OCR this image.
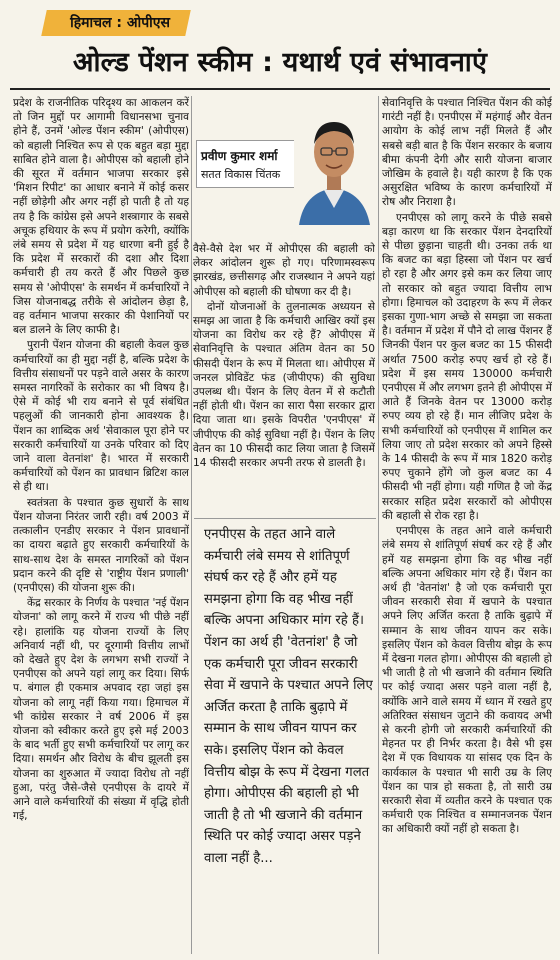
हिमाचल : ओपीएस
ओल्ड पेंशन स्कीम : यथार्थ एवं संभावनाएं

प्रदेश के राजनीतिक परिदृश्य का आकलन करें तो जिन मुद्दों पर आगामी विधानसभा चुनाव होने हैं, उनमें 'ओल्ड पेंशन स्कीम' (ओपीएस) को बहाली निश्चित रूप से एक बहुत बड़ा मुद्दा साबित होने वाला है। ओपीएस को बहाली होने की सूरत में वर्तमान भाजपा सरकार इसे 'मिशन रिपीट' का आधार बनाने में कोई कसर नहीं छोड़ेगी और अगर नहीं हो पाती है तो यह तय है कि कांग्रेस इसे अपने शस्त्रागार के सबसे अचूक हथियार के रूप में प्रयोग करेगी, क्योंकि लंबे समय से प्रदेश में यह धारणा बनी हुई है कि प्रदेश में सरकारों की दशा और दिशा कर्मचारी ही तय करते हैं और पिछले कुछ समय से 'ओपीएस' के समर्थन में कर्मचारियों ने जिस योजनाबद्ध तरीके से आंदोलन छेड़ा है, वह वर्तमान भाजपा सरकार की पेशानियों पर बल डालने के लिए काफी है।

पुरानी पेंशन योजना की बहाली केवल कुछ कर्मचारियों का ही मुद्दा नहीं है, बल्कि प्रदेश के वित्तीय संसाधनों पर पड़ने वाले असर के कारण समस्त नागरिकों के सरोकार का भी विषय है। ऐसे में कोई भी राय बनाने से पूर्व संबंधित पहलुओं की जानकारी होना आवश्यक है। पेंशन का शाब्दिक अर्थ 'सेवाकाल पूरा होने पर सरकारी कर्मचारियों या उनके परिवार को दिए जाने वाला वेतनांश' है। भारत में सरकारी कर्मचारियों को पेंशन का प्रावधान ब्रिटिश काल से ही था।

स्वतंत्रता के पश्चात कुछ सुधारों के साथ पेंशन योजना निरंतर जारी रही। वर्ष 2003 में तत्कालीन एनडीए सरकार ने पेंशन प्रावधानों का दायरा बढ़ाते हुए सरकारी कर्मचारियों के साथ-साथ देश के समस्त नागरिकों को पेंशन प्रदान करने की दृष्टि से 'राष्ट्रीय पेंशन प्रणाली' (एनपीएस) की योजना शुरू की।

केंद्र सरकार के निर्णय के पश्चात 'नई पेंशन योजना' को लागू करने में राज्य भी पीछे नहीं रहे। हालांकि यह योजना राज्यों के लिए अनिवार्य नहीं थी, पर दूरगामी वित्तीय लाभों को देखते हुए देश के लगभग सभी राज्यों ने एनपीएस को अपने यहां लागू कर दिया। सिर्फ प. बंगाल ही एकमात्र अपवाद रहा जहां इस योजना को लागू नहीं किया गया। हिमाचल में भी कांग्रेस सरकार ने वर्ष 2006 में इस योजना को स्वीकार करते हुए इसे मई 2003 के बाद भर्ती हुए सभी कर्मचारियों पर लागू कर दिया। समर्थन और विरोध के बीच झूलती इस योजना का शुरुआत में ज्यादा विरोध तो नहीं हुआ, परंतु जैसे-जैसे एनपीएस के दायरे में आने वाले कर्मचारियों की संख्या में वृद्धि होती गई,

प्रवीण कुमार शर्मा
सतत विकास चिंतक

वैसे-वैसे देश भर में ओपीएस की बहाली को लेकर आंदोलन शुरू हो गए। परिणामस्वरूप झारखंड, छत्तीसगढ़ और राजस्थान ने अपने यहां ओपीएस को बहाली की घोषणा कर दी है।

दोनों योजनाओं के तुलनात्मक अध्ययन से समझ आ जाता है कि कर्मचारी आखिर क्यों इस योजना का विरोध कर रहे हैं? ओपीएस में सेवानिवृत्ति के पश्चात अंतिम वेतन का 50 फीसदी पेंशन के रूप में मिलता था। ओपीएस में जनरल प्रोविडेंट फंड (जीपीएफ) की सुविधा उपलब्ध थी। पेंशन के लिए वेतन में से कटौती नहीं होती थी। पेंशन का सारा पैसा सरकार द्वारा दिया जाता था। इसके विपरीत 'एनपीएस' में जीपीएफ की कोई सुविधा नहीं है। पेंशन के लिए वेतन का 10 फीसदी काट लिया जाता है जिसमें 14 फीसदी सरकार अपनी तरफ से डालती है।

एनपीएस के तहत आने वाले कर्मचारी लंबे समय से शांतिपूर्ण संघर्ष कर रहे हैं और हमें यह समझना होगा कि वह भीख नहीं बल्कि अपना अधिकार मांग रहे हैं। पेंशन का अर्थ ही 'वेतनांश' है जो एक कर्मचारी पूरा जीवन सरकारी सेवा में खपाने के पश्चात अपने लिए अर्जित करता है ताकि बुढ़ापे में सम्मान के साथ जीवन यापन कर सके। इसलिए पेंशन को केवल वित्तीय बोझ के रूप में देखना गलत होगा। ओपीएस की बहाली हो भी जाती है तो भी खजाने की वर्तमान स्थिति पर कोई ज्यादा असर पड़ने वाला नहीं है...

सेवानिवृत्ति के पश्चात निश्चित पेंशन की कोई गारंटी नहीं है। एनपीएस में महंगाई और वेतन आयोग के कोई लाभ नहीं मिलते हैं और सबसे बड़ी बात है कि पेंशन सरकार के बजाय बीमा कंपनी देगी और सारी योजना बाजार जोखिम के हवाले है। यही कारण है कि एक असुरक्षित भविष्य के कारण कर्मचारियों में रोष और निराशा है।

एनपीएस को लागू करने के पीछे सबसे बड़ा कारण था कि सरकार पेंशन देनदारियों से पीछा छुड़ाना चाहती थी। उनका तर्क था कि बजट का बड़ा हिस्सा जो पेंशन पर खर्च हो रहा है और अगर इसे कम कर लिया जाए तो सरकार को बहुत ज्यादा वित्तीय लाभ होगा। हिमाचल को उदाहरण के रूप में लेकर इसका गुणा-भाग अच्छे से समझा जा सकता है। वर्तमान में प्रदेश में पौने दो लाख पेंशनर हैं जिनकी पेंशन पर कुल बजट का 15 फीसदी अर्थात 7500 करोड़ रुपए खर्च हो रहे हैं। प्रदेश में इस समय 130000 कर्मचारी एनपीएस में और लगभग इतने ही ओपीएस में आते हैं जिनके वेतन पर 13000 करोड़ रुपए व्यय हो रहे हैं। मान लीजिए प्रदेश के सभी कर्मचारियों को एनपीएस में शामिल कर लिया जाए तो प्रदेश सरकार को अपने हिस्से के 14 फीसदी के रूप में मात्र 1820 करोड़ रुपए चुकाने होंगे जो कुल बजट का 4 फीसदी भी नहीं होगा। यही गणित है जो केंद्र सरकार सहित प्रदेश सरकारों को ओपीएस की बहाली से रोक रहा है।

एनपीएस के तहत आने वाले कर्मचारी लंबे समय से शांतिपूर्ण संघर्ष कर रहे हैं और हमें यह समझना होगा कि वह भीख नहीं बल्कि अपना अधिकार मांग रहे हैं। पेंशन का अर्थ ही 'वेतनांश' है जो एक कर्मचारी पूरा जीवन सरकारी सेवा में खपाने के पश्चात अपने लिए अर्जित करता है ताकि बुढ़ापे में सम्मान के साथ जीवन यापन कर सके। इसलिए पेंशन को केवल वित्तीय बोझ के रूप में देखना गलत होगा। ओपीएस की बहाली हो भी जाती है तो भी खजाने की वर्तमान स्थिति पर कोई ज्यादा असर पड़ने वाला नहीं है, क्योंकि आने वाले समय में ध्यान में रखते हुए अतिरिक्त संसाधन जुटाने की कवायद अभी से करनी होगी जो सरकारी कर्मचारियों की मेहनत पर ही निर्भर करता है। वैसे भी इस देश में एक विधायक या सांसद एक दिन के कार्यकाल के पश्चात भी सारी उम्र के लिए पेंशन का पात्र हो सकता है, तो सारी उम्र सरकारी सेवा में व्यतीत करने के पश्चात एक कर्मचारी एक निश्चित व सम्मानजनक पेंशन का अधिकारी क्यों नहीं हो सकता है।
